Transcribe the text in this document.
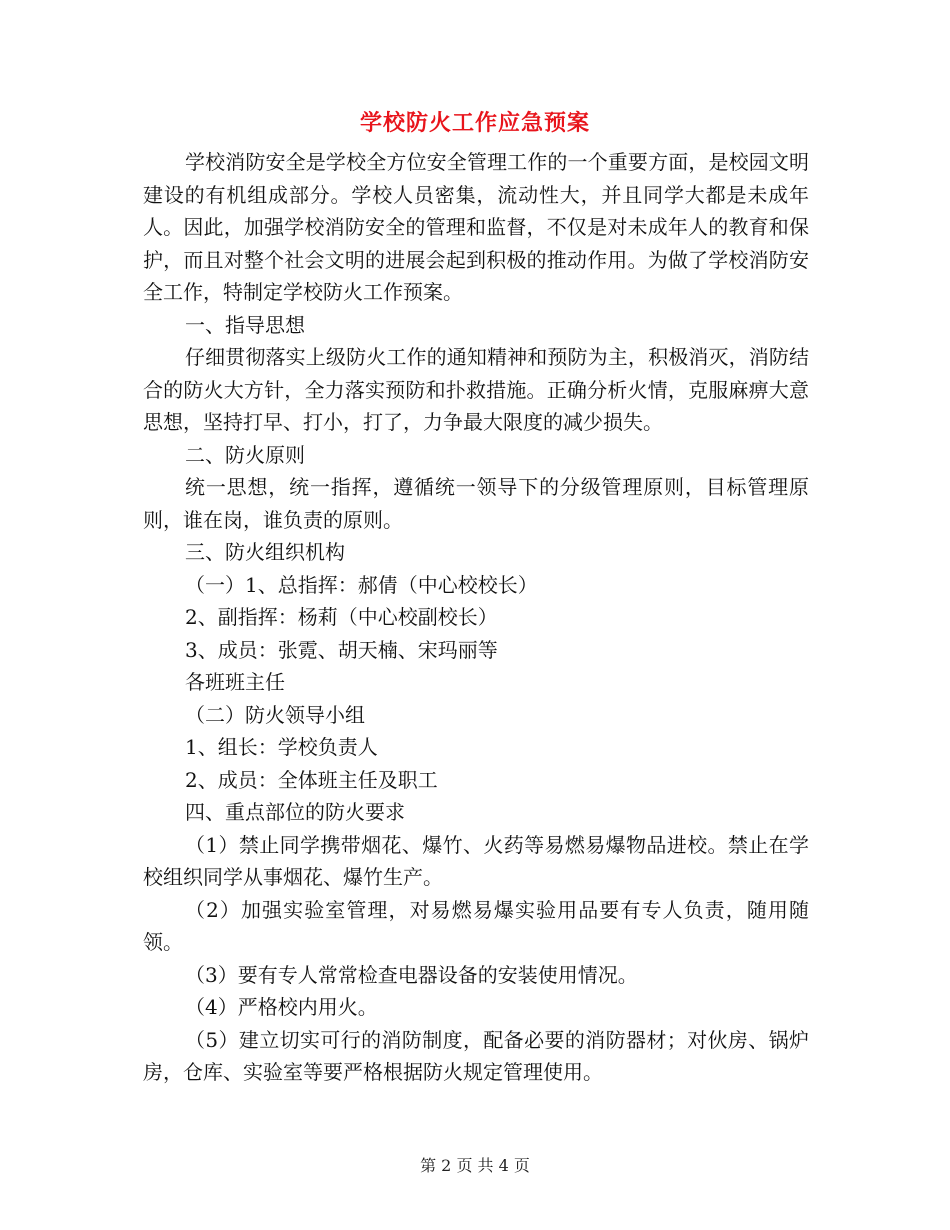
学校防火工作应急预案

学校消防安全是学校全方位安全管理工作的一个重要方面，是校园文明建设的有机组成部分。学校人员密集，流动性大，并且同学大都是未成年人。因此，加强学校消防安全的管理和监督，不仅是对未成年人的教育和保护，而且对整个社会文明的进展会起到积极的推动作用。为做了学校消防安全工作，特制定学校防火工作预案。

一、指导思想

仔细贯彻落实上级防火工作的通知精神和预防为主，积极消灭，消防结合的防火大方针，全力落实预防和扑救措施。正确分析火情，克服麻痹大意思想，坚持打早、打小，打了，力争最大限度的减少损失。

二、防火原则

统一思想，统一指挥，遵循统一领导下的分级管理原则，目标管理原则，谁在岗，谁负责的原则。

三、防火组织机构

（一）1、总指挥：郝倩（中心校校长）

2、副指挥：杨莉（中心校副校长）

3、成员：张霓、胡天楠、宋玛丽等

各班班主任

（二）防火领导小组

1、组长：学校负责人

2、成员：全体班主任及职工

四、重点部位的防火要求

（1）禁止同学携带烟花、爆竹、火药等易燃易爆物品进校。禁止在学校组织同学从事烟花、爆竹生产。

（2）加强实验室管理，对易燃易爆实验用品要有专人负责，随用随领。

（3）要有专人常常检查电器设备的安装使用情况。

（4）严格校内用火。

（5）建立切实可行的消防制度，配备必要的消防器材；对伙房、锅炉房，仓库、实验室等要严格根据防火规定管理使用。

第 2 页 共 4 页
